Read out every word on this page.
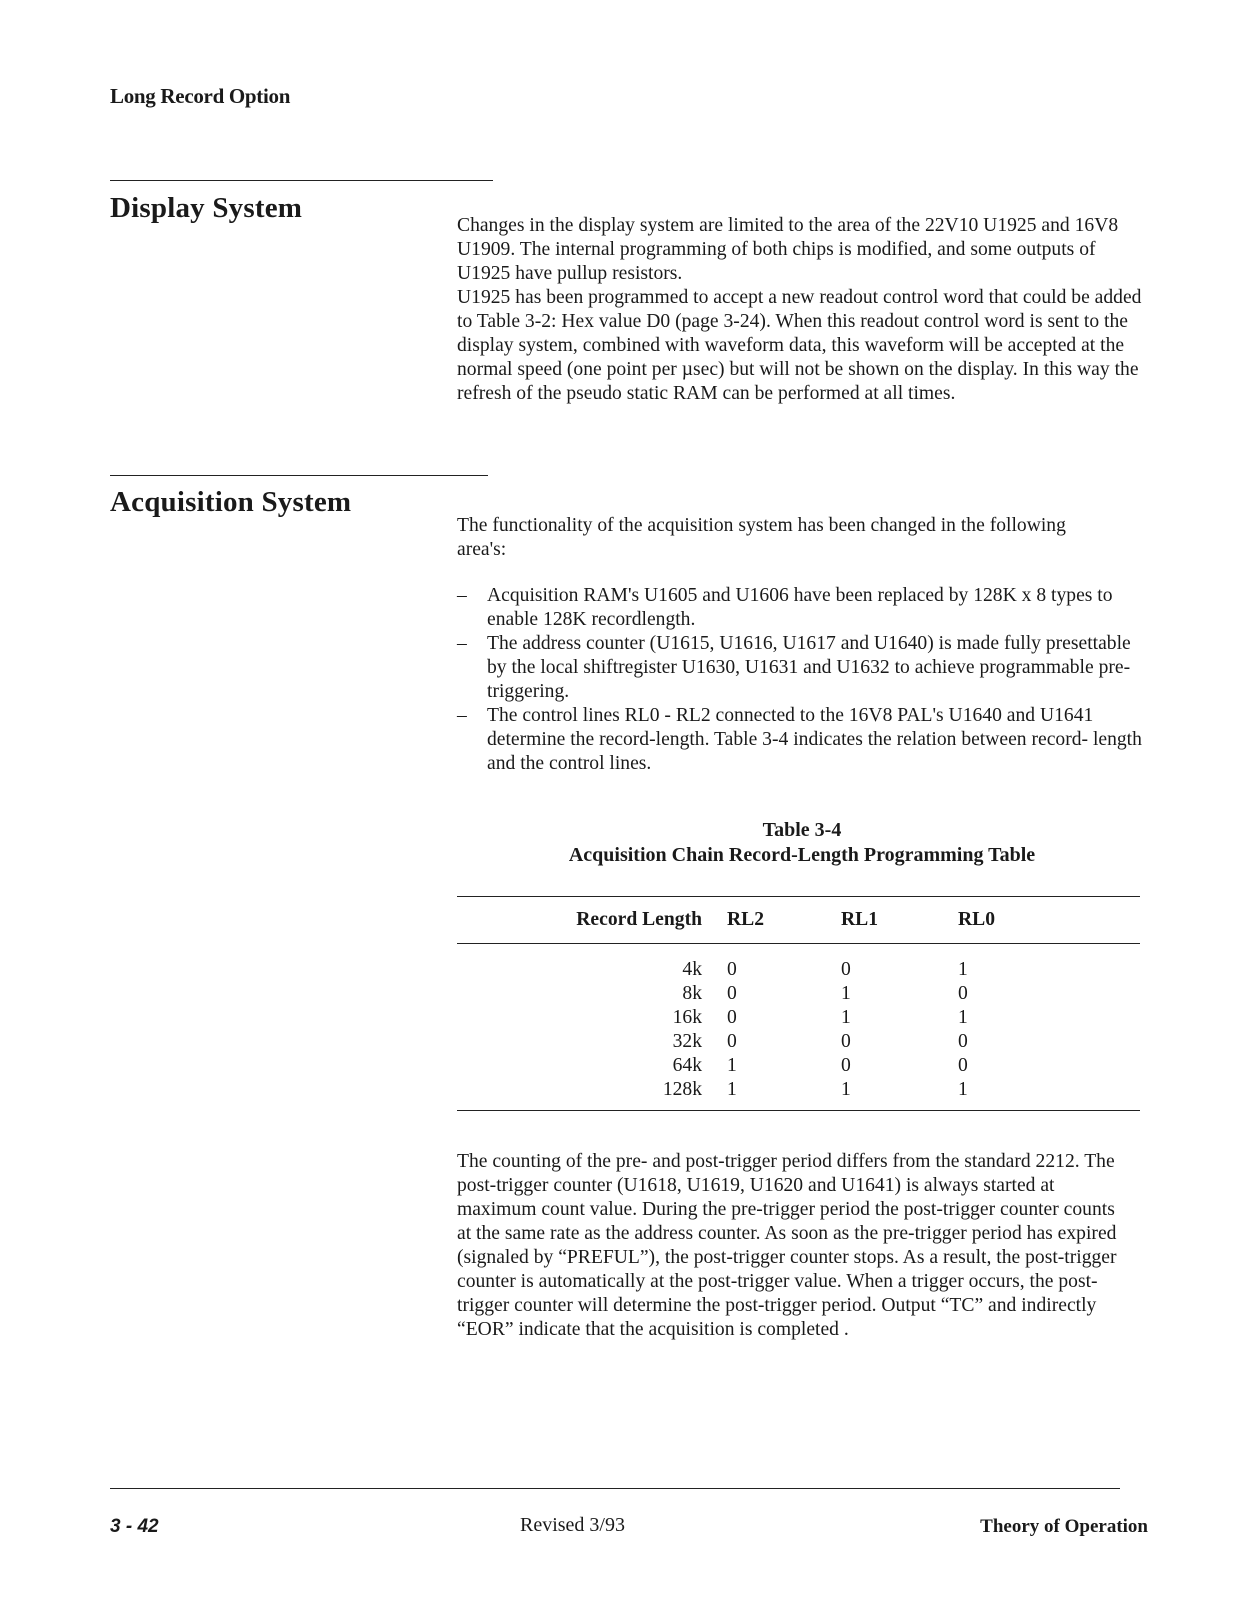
Long Record Option
Display System

Changes in the display system are limited to the area of the 22V10 U1925 and 16V8 U1909. The internal programming of both chips is modified, and some outputs of U1925 have pullup resistors.

U1925 has been programmed to accept a new readout control word that could be added to Table 3-2: Hex value D0 (page 3-24). When this readout control word is sent to the display system, combined with waveform data, this waveform will be accepted at the normal speed (one point per µsec) but will not be shown on the display. In this way the refresh of the pseudo static RAM can be performed at all times.

Acquisition System
The functionality of the acquisition system has been changed in the following area's:
– Acquisition RAM's U1605 and U1606 have been replaced by 128K x 8 types to enable 128K recordlength.
– The address counter (U1615, U1616, U1617 and U1640) is made fully presettable by the local shiftregister U1630, U1631 and U1632 to achieve programmable pre-triggering.
– The control lines RL0 - RL2 connected to the 16V8 PAL's U1640 and U1641 determine the record-length. Table 3-4 indicates the relation between record- length and the control lines.
Table 3-4
Acquisition Chain Record-Length Programming Table
	Record Length		RL2	RL1	RL0
	4k		0	0	1
	8k		0	1	0
	16k		0	1	1
	32k		0	0	0
	64k		1	0	0
	128k		1	1	1
The counting of the pre- and post-trigger period differs from the standard 2212. The post-trigger counter (U1618, U1619, U1620 and U1641) is always started at maximum count value. During the pre-trigger period the post-trigger counter counts at the same rate as the address counter. As soon as the pre-trigger period has expired (signaled by “PREFUL”), the post-trigger counter stops. As a result, the post-trigger counter is automatically at the post-trigger value. When a trigger occurs, the post-trigger counter will determine the post-trigger period. Output “TC” and indirectly “EOR” indicate that the acquisition is completed .
3 - 42	Revised 3/93	Theory of Operation
